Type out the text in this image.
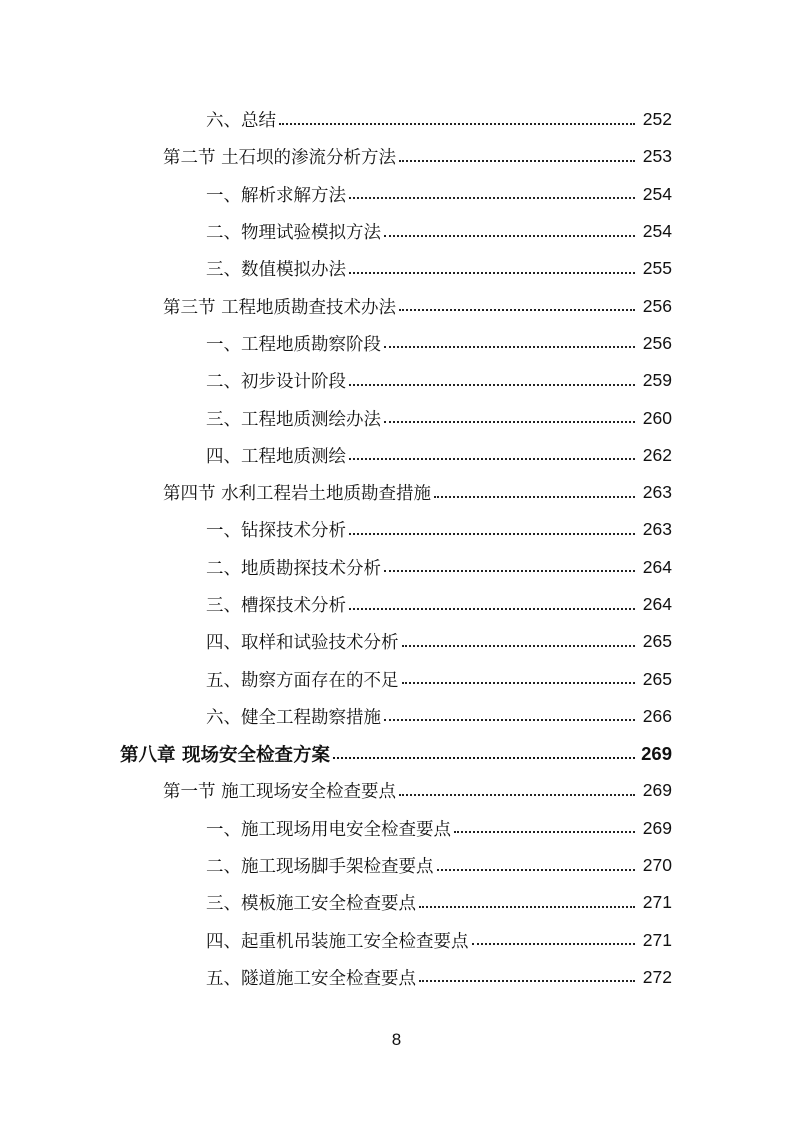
六、总结	252
第二节 土石坝的渗流分析方法	253
一、解析求解方法	254
二、物理试验模拟方法	254
三、数值模拟办法	255
第三节 工程地质勘查技术办法	256
一、工程地质勘察阶段	256
二、初步设计阶段	259
三、工程地质测绘办法	260
四、工程地质测绘	262
第四节 水利工程岩土地质勘查措施	263
一、钻探技术分析	263
二、地质勘探技术分析	264
三、槽探技术分析	264
四、取样和试验技术分析	265
五、勘察方面存在的不足	265
六、健全工程勘察措施	266
第八章 现场安全检查方案	269
第一节 施工现场安全检查要点	269
一、施工现场用电安全检查要点	269
二、施工现场脚手架检查要点	270
三、模板施工安全检查要点	271
四、起重机吊装施工安全检查要点	271
五、隧道施工安全检查要点	272
8
